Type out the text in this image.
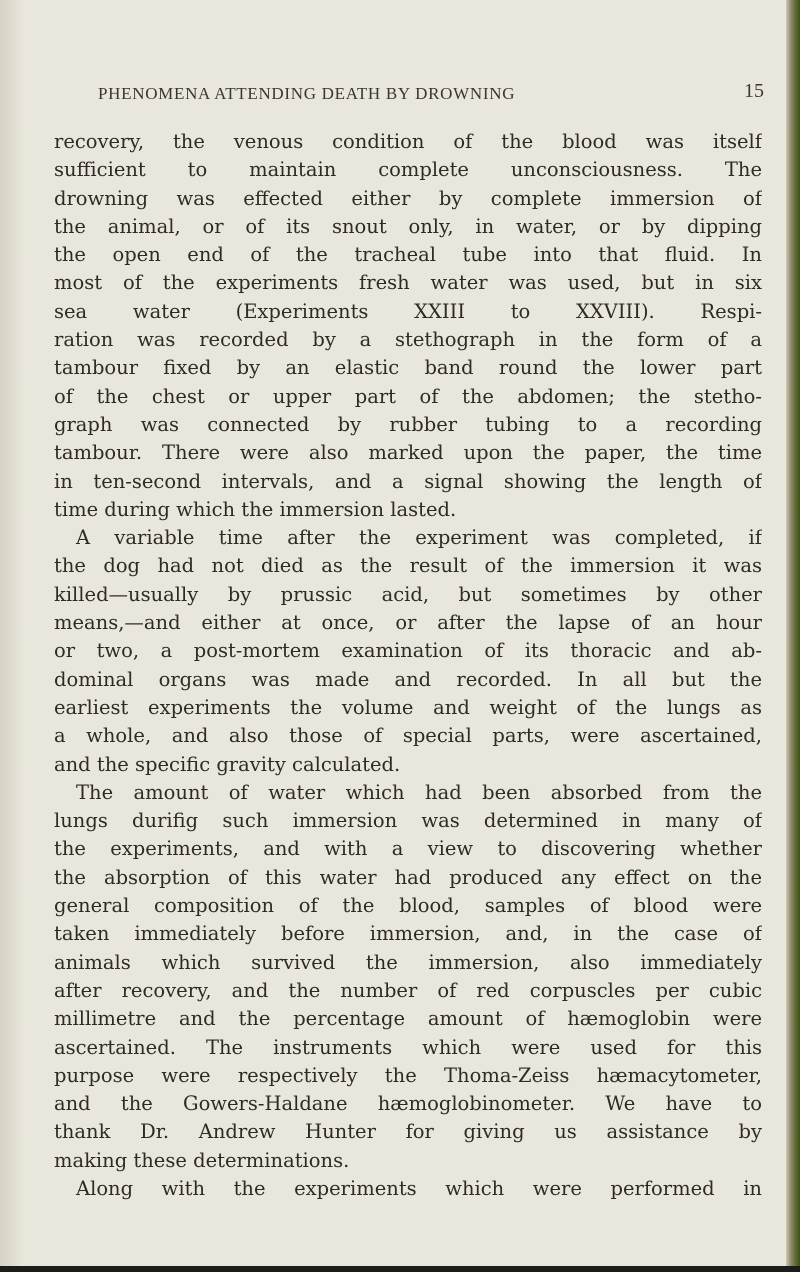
PHENOMENA ATTENDING DEATH BY DROWNING	15
recovery, the venous condition of the blood was itself
sufficient to maintain complete unconsciousness. The
drowning was effected either by complete immersion of
the animal, or of its snout only, in water, or by dipping
the open end of the tracheal tube into that fluid. In
most of the experiments fresh water was used, but in six
sea water (Experiments XXIII to XXVIII). Respi-
ration was recorded by a stethograph in the form of a
tambour fixed by an elastic band round the lower part
of the chest or upper part of the abdomen; the stetho-
graph was connected by rubber tubing to a recording
tambour. There were also marked upon the paper, the time
in ten-second intervals, and a signal showing the length of
time during which the immersion lasted.
A variable time after the experiment was completed, if
the dog had not died as the result of the immersion it was
killed—usually by prussic acid, but sometimes by other
means,—and either at once, or after the lapse of an hour
or two, a post-mortem examination of its thoracic and ab-
dominal organs was made and recorded. In all but the
earliest experiments the volume and weight of the lungs as
a whole, and also those of special parts, were ascertained,
and the specific gravity calculated.
The amount of water which had been absorbed from the
lungs durifig such immersion was determined in many of
the experiments, and with a view to discovering whether
the absorption of this water had produced any effect on the
general composition of the blood, samples of blood were
taken immediately before immersion, and, in the case of
animals which survived the immersion, also immediately
after recovery, and the number of red corpuscles per cubic
millimetre and the percentage amount of hæmoglobin were
ascertained. The instruments which were used for this
purpose were respectively the Thoma-Zeiss hæmacytometer,
and the Gowers-Haldane hæmoglobinometer. We have to
thank Dr. Andrew Hunter for giving us assistance by
making these determinations.
Along with the experiments which were performed in
